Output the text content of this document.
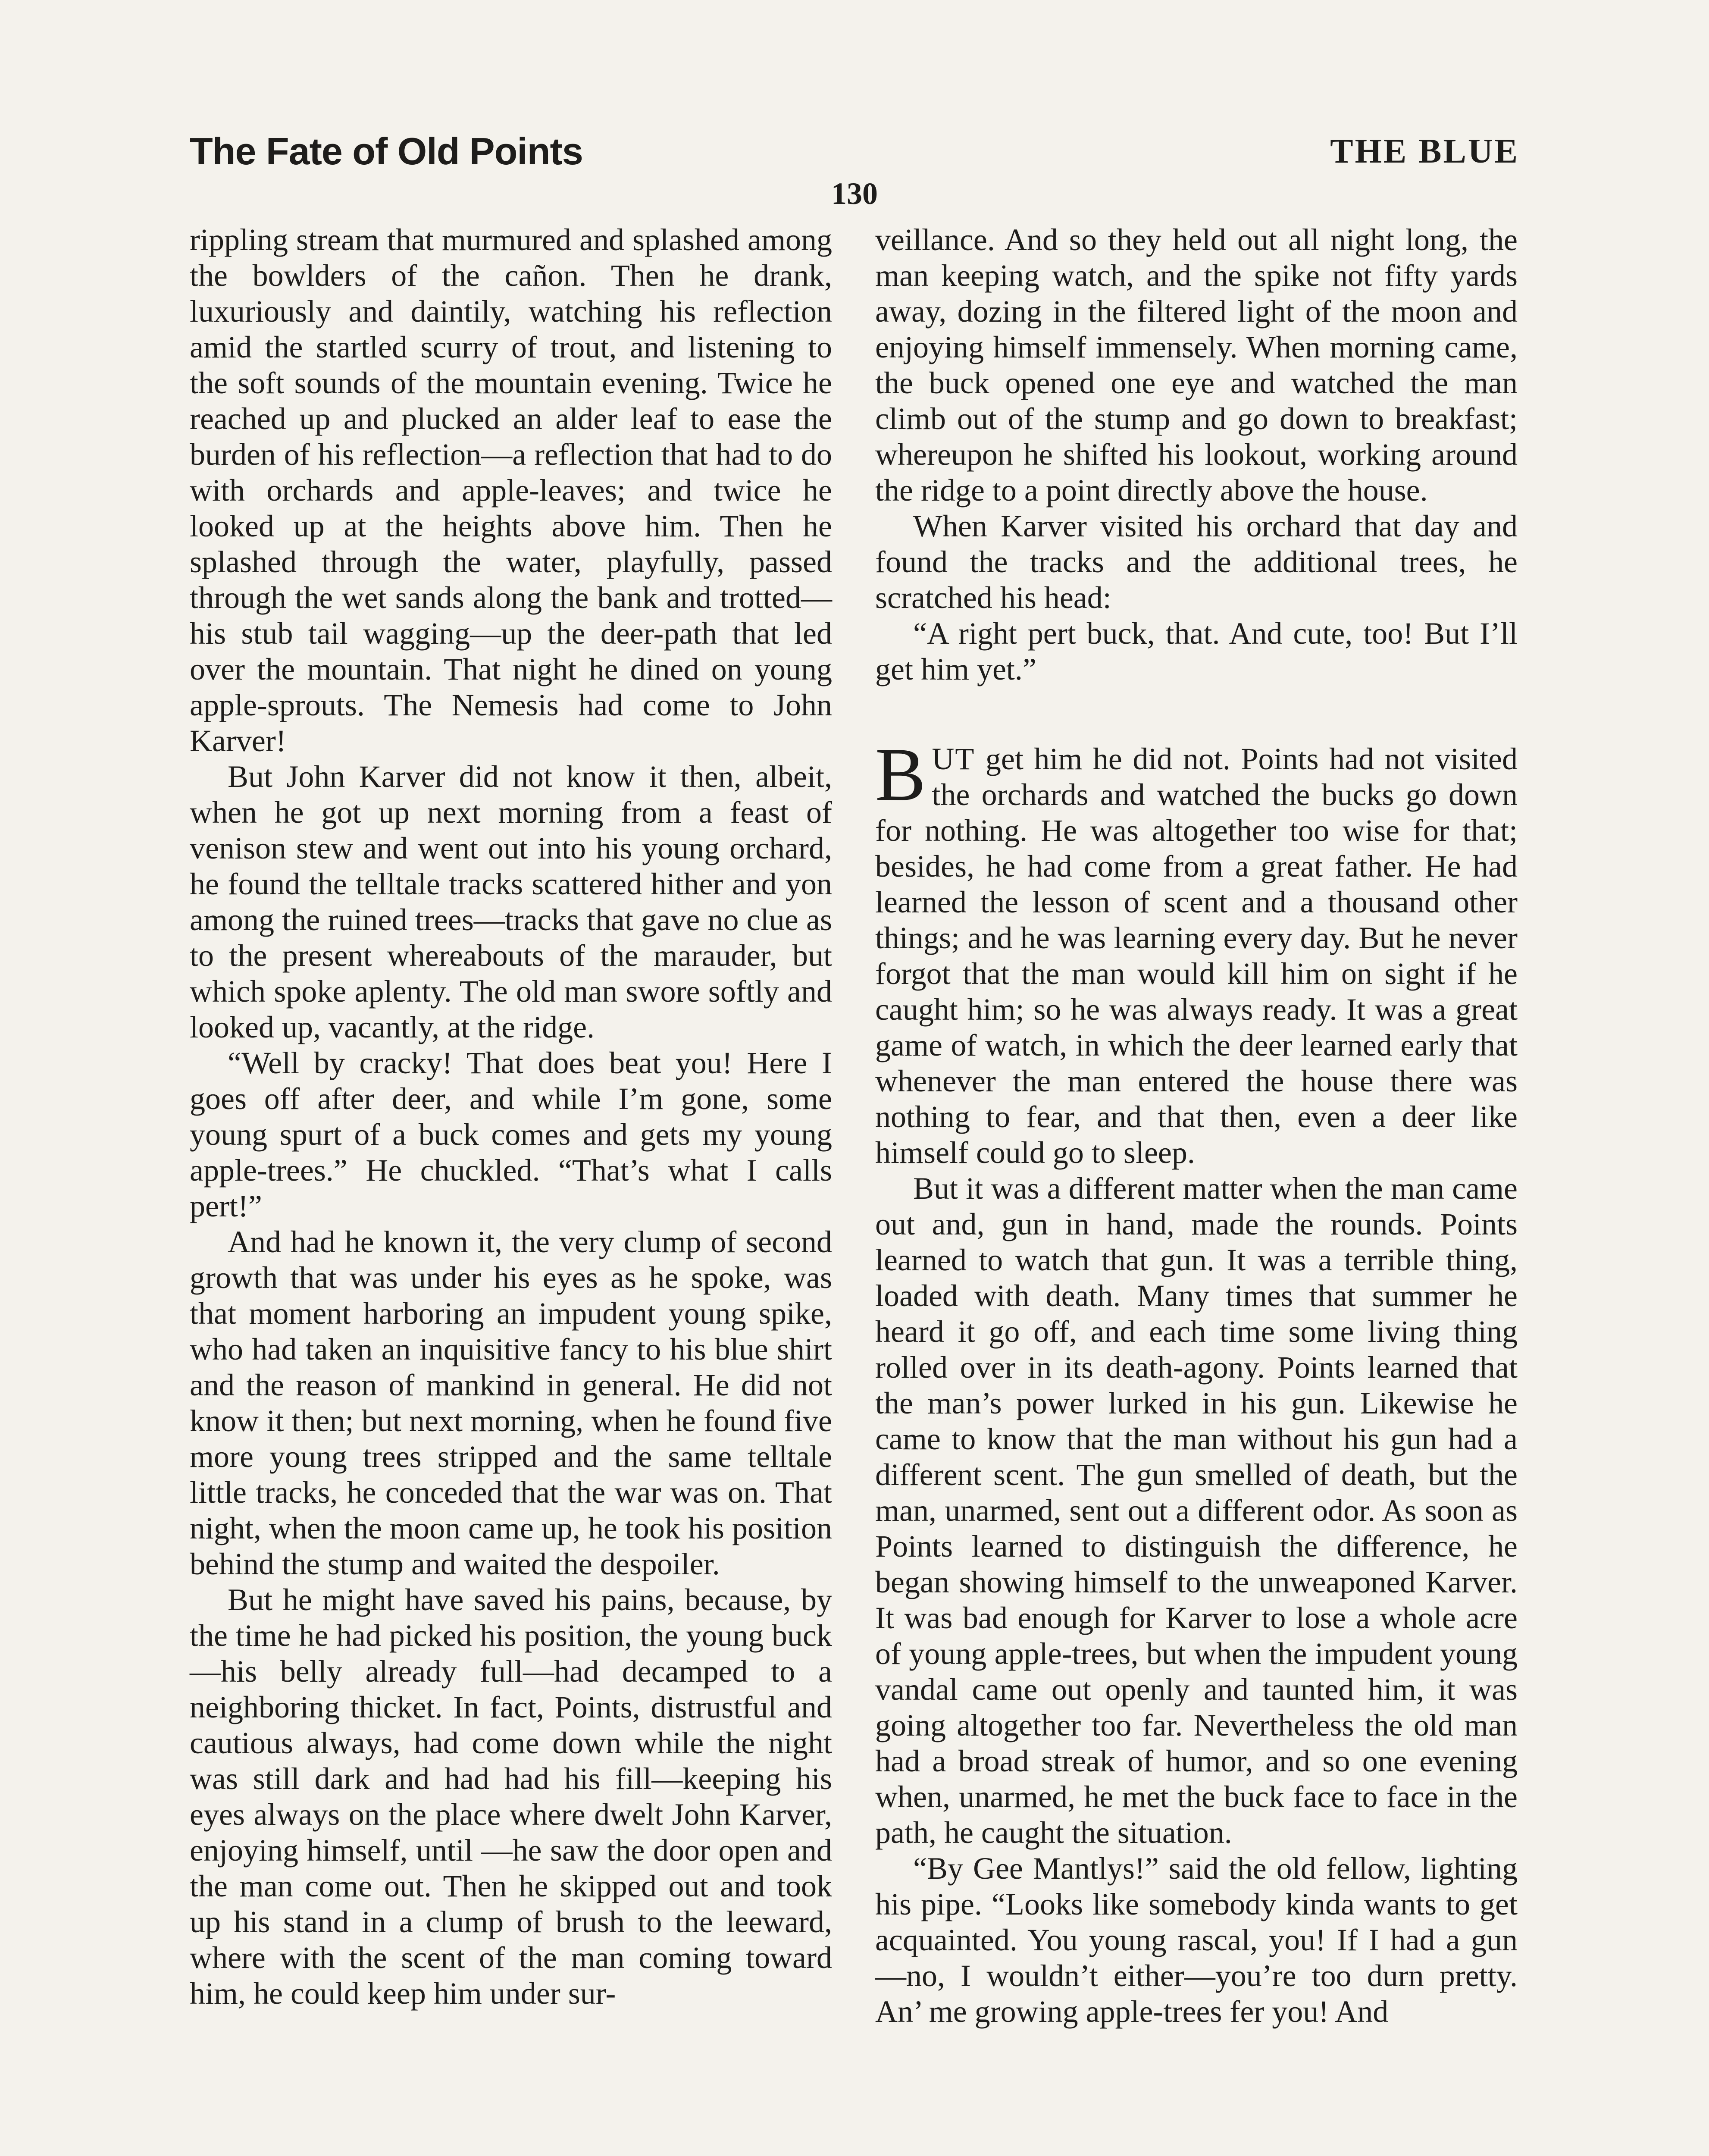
The Fate of Old Points	THE BLUE
130

rippling stream that murmured and splashed among the bowlders of the cañon. Then he drank, luxuriously and daintily, watching his reflection amid the startled scurry of trout, and listening to the soft sounds of the mountain evening. Twice he reached up and plucked an alder leaf to ease the burden of his reflection—a reflection that had to do with orchards and apple-leaves; and twice he looked up at the heights above him. Then he splashed through the water, playfully, passed through the wet sands along the bank and trotted—his stub tail wagging—up the deer-path that led over the mountain. That night he dined on young apple-sprouts. The Nemesis had come to John Karver!

But John Karver did not know it then, albeit, when he got up next morning from a feast of venison stew and went out into his young orchard, he found the telltale tracks scattered hither and yon among the ruined trees—tracks that gave no clue as to the present whereabouts of the marauder, but which spoke aplenty. The old man swore softly and looked up, vacantly, at the ridge.

“Well by cracky! That does beat you! Here I goes off after deer, and while I’m gone, some young spurt of a buck comes and gets my young apple-trees.” He chuckled. “That’s what I calls pert!”

And had he known it, the very clump of second growth that was under his eyes as he spoke, was that moment harboring an impudent young spike, who had taken an inquisitive fancy to his blue shirt and the reason of mankind in general. He did not know it then; but next morning, when he found five more young trees stripped and the same telltale little tracks, he conceded that the war was on. That night, when the moon came up, he took his position behind the stump and waited the despoiler.

But he might have saved his pains, because, by the time he had picked his position, the young buck—his belly already full—had decamped to a neighboring thicket. In fact, Points, distrustful and cautious always, had come down while the night was still dark and had had his fill—keeping his eyes always on the place where dwelt John Karver, enjoying himself, until —he saw the door open and the man come out. Then he skipped out and took up his stand in a clump of brush to the leeward, where with the scent of the man coming toward him, he could keep him under sur-

veillance. And so they held out all night long, the man keeping watch, and the spike not fifty yards away, dozing in the filtered light of the moon and enjoying himself immensely. When morning came, the buck opened one eye and watched the man climb out of the stump and go down to breakfast; whereupon he shifted his lookout, working around the ridge to a point directly above the house.

When Karver visited his orchard that day and found the tracks and the additional trees, he scratched his head:

“A right pert buck, that. And cute, too! But I’ll get him yet.”

BUT get him he did not. Points had not visited the orchards and watched the bucks go down for nothing. He was altogether too wise for that; besides, he had come from a great father. He had learned the lesson of scent and a thousand other things; and he was learning every day. But he never forgot that the man would kill him on sight if he caught him; so he was always ready. It was a great game of watch, in which the deer learned early that whenever the man entered the house there was nothing to fear, and that then, even a deer like himself could go to sleep.

But it was a different matter when the man came out and, gun in hand, made the rounds. Points learned to watch that gun. It was a terrible thing, loaded with death. Many times that summer he heard it go off, and each time some living thing rolled over in its death-agony. Points learned that the man’s power lurked in his gun. Likewise he came to know that the man without his gun had a different scent. The gun smelled of death, but the man, unarmed, sent out a different odor. As soon as Points learned to distinguish the difference, he began showing himself to the unweaponed Karver. It was bad enough for Karver to lose a whole acre of young apple-trees, but when the impudent young vandal came out openly and taunted him, it was going altogether too far. Nevertheless the old man had a broad streak of humor, and so one evening when, unarmed, he met the buck face to face in the path, he caught the situation.

“By Gee Mantlys!” said the old fellow, lighting his pipe. “Looks like somebody kinda wants to get acquainted. You young rascal, you! If I had a gun—no, I wouldn’t either—you’re too durn pretty. An’ me growing apple-trees fer you! And
